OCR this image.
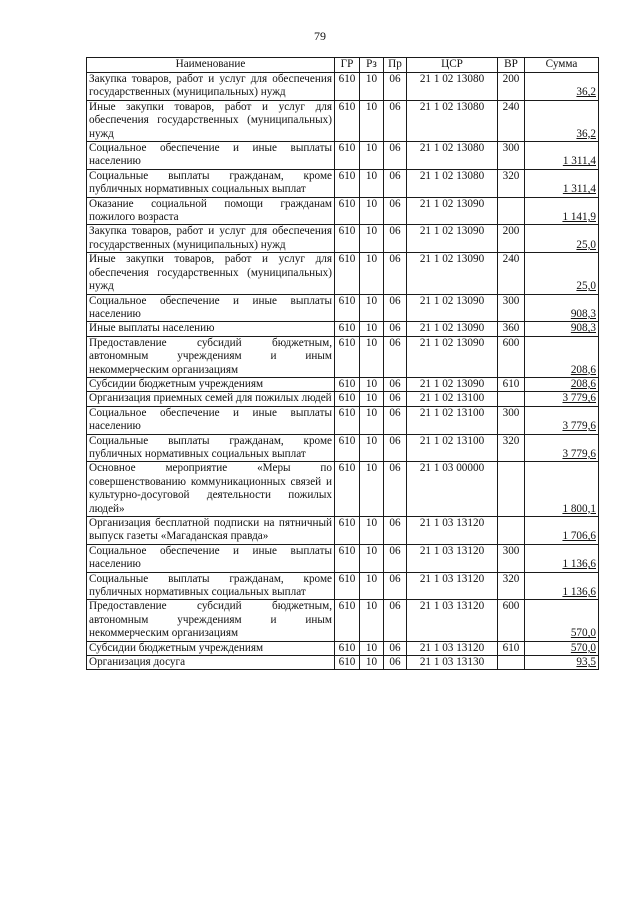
79
Наименование	ГР	Рз	Пр	ЦСР	ВР	Сумма
Закупка товаров, работ и услуг для обеспечения государственных (муниципальных) нужд	610	10	06	21 1 02 13080	200	36,2
Иные закупки товаров, работ и услуг для обеспечения государственных (муниципальных) нужд	610	10	06	21 1 02 13080	240	36,2
Социальное обеспечение и иные выплаты населению	610	10	06	21 1 02 13080	300	1 311,4
Социальные выплаты гражданам, кроме публичных нормативных социальных выплат	610	10	06	21 1 02 13080	320	1 311,4
Оказание социальной помощи гражданам пожилого возраста	610	10	06	21 1 02 13090		1 141,9
Закупка товаров, работ и услуг для обеспечения государственных (муниципальных) нужд	610	10	06	21 1 02 13090	200	25,0
Иные закупки товаров, работ и услуг для обеспечения государственных (муниципальных) нужд	610	10	06	21 1 02 13090	240	25,0
Социальное обеспечение и иные выплаты населению	610	10	06	21 1 02 13090	300	908,3
Иные выплаты населению	610	10	06	21 1 02 13090	360	908,3
Предоставление субсидий бюджетным, автономным учреждениям и иным некоммерческим организациям	610	10	06	21 1 02 13090	600	208,6
Субсидии бюджетным учреждениям	610	10	06	21 1 02 13090	610	208,6
Организация приемных семей для пожилых людей	610	10	06	21 1 02 13100		3 779,6
Социальное обеспечение и иные выплаты населению	610	10	06	21 1 02 13100	300	3 779,6
Социальные выплаты гражданам, кроме публичных нормативных социальных выплат	610	10	06	21 1 02 13100	320	3 779,6
Основное мероприятие «Меры по совершенствованию коммуникационных связей и культурно-досуговой деятельности пожилых людей»	610	10	06	21 1 03 00000		1 800,1
Организация бесплатной подписки на пятничный выпуск газеты «Магаданская правда»	610	10	06	21 1 03 13120		1 706,6
Социальное обеспечение и иные выплаты населению	610	10	06	21 1 03 13120	300	1 136,6
Социальные выплаты гражданам, кроме публичных нормативных социальных выплат	610	10	06	21 1 03 13120	320	1 136,6
Предоставление субсидий бюджетным, автономным учреждениям и иным некоммерческим организациям	610	10	06	21 1 03 13120	600	570,0
Субсидии бюджетным учреждениям	610	10	06	21 1 03 13120	610	570,0
Организация досуга	610	10	06	21 1 03 13130		93,5
